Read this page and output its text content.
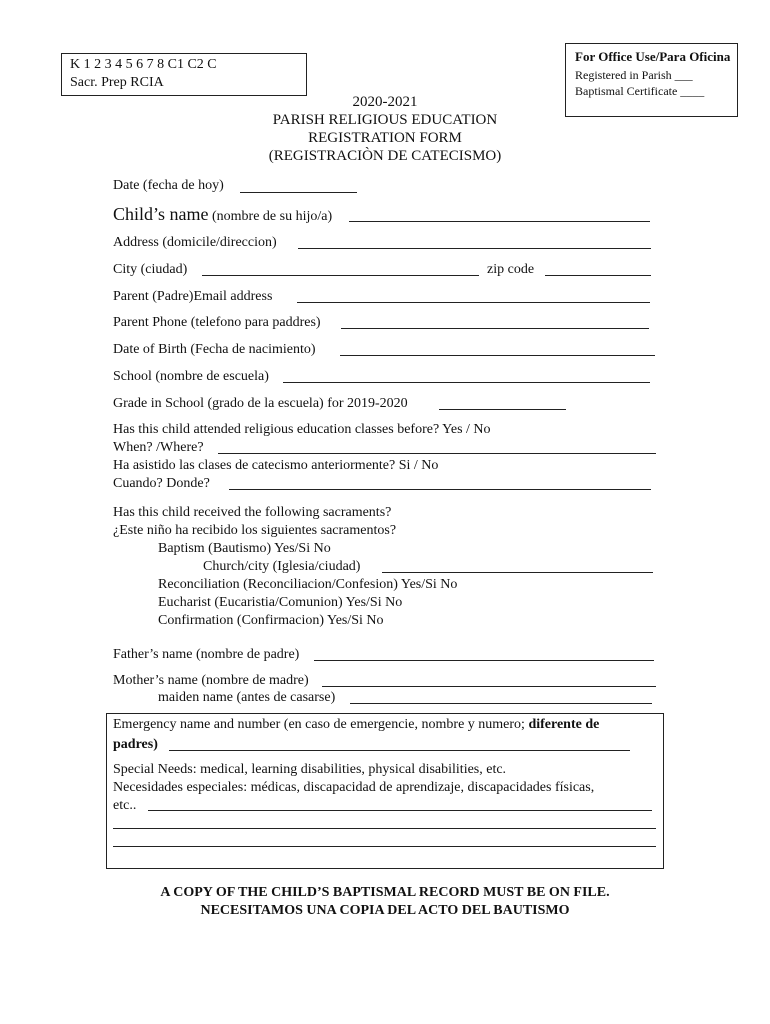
K 1 2 3 4 5 6 7 8 C1 C2 C
Sacr. Prep RCIA
For Office Use/Para Oficina
Registered in Parish ___
Baptismal Certificate ____
2020-2021
PARISH RELIGIOUS EDUCATION
REGISTRATION FORM
(REGISTRACIÒN DE CATECISMO)
Date (fecha de hoy)
Child’s name (nombre de su hijo/a)
Address (domicile/direccion)
City (ciudad)	zip code
Parent (Padre)Email address
Parent Phone (telefono para paddres)
Date of Birth (Fecha de nacimiento)
School (nombre de escuela)
Grade in School (grado de la escuela) for 2019-2020
Has this child attended religious education classes before? Yes / No
When? /Where?
Ha asistido las clases de catecismo anteriormente? Si / No
Cuando? Donde?
Has this child received the following sacraments?
¿Este niño ha recibido los siguientes sacramentos?
Baptism (Bautismo) Yes/Si No
Church/city (Iglesia/ciudad)
Reconciliation (Reconciliacion/Confesion) Yes/Si No
Eucharist (Eucaristia/Comunion) Yes/Si No
Confirmation (Confirmacion) Yes/Si No
Father’s name (nombre de padre)
Mother’s name (nombre de madre)
maiden name (antes de casarse)
Emergency name and number (en caso de emergencie, nombre y numero; diferente de
padres)
Special Needs: medical, learning disabilities, physical disabilities, etc.
Necesidades especiales: médicas, discapacidad de aprendizaje, discapacidades físicas,
etc..
A COPY OF THE CHILD’S BAPTISMAL RECORD MUST BE ON FILE.
NECESITAMOS UNA COPIA DEL ACTO DEL BAUTISMO
